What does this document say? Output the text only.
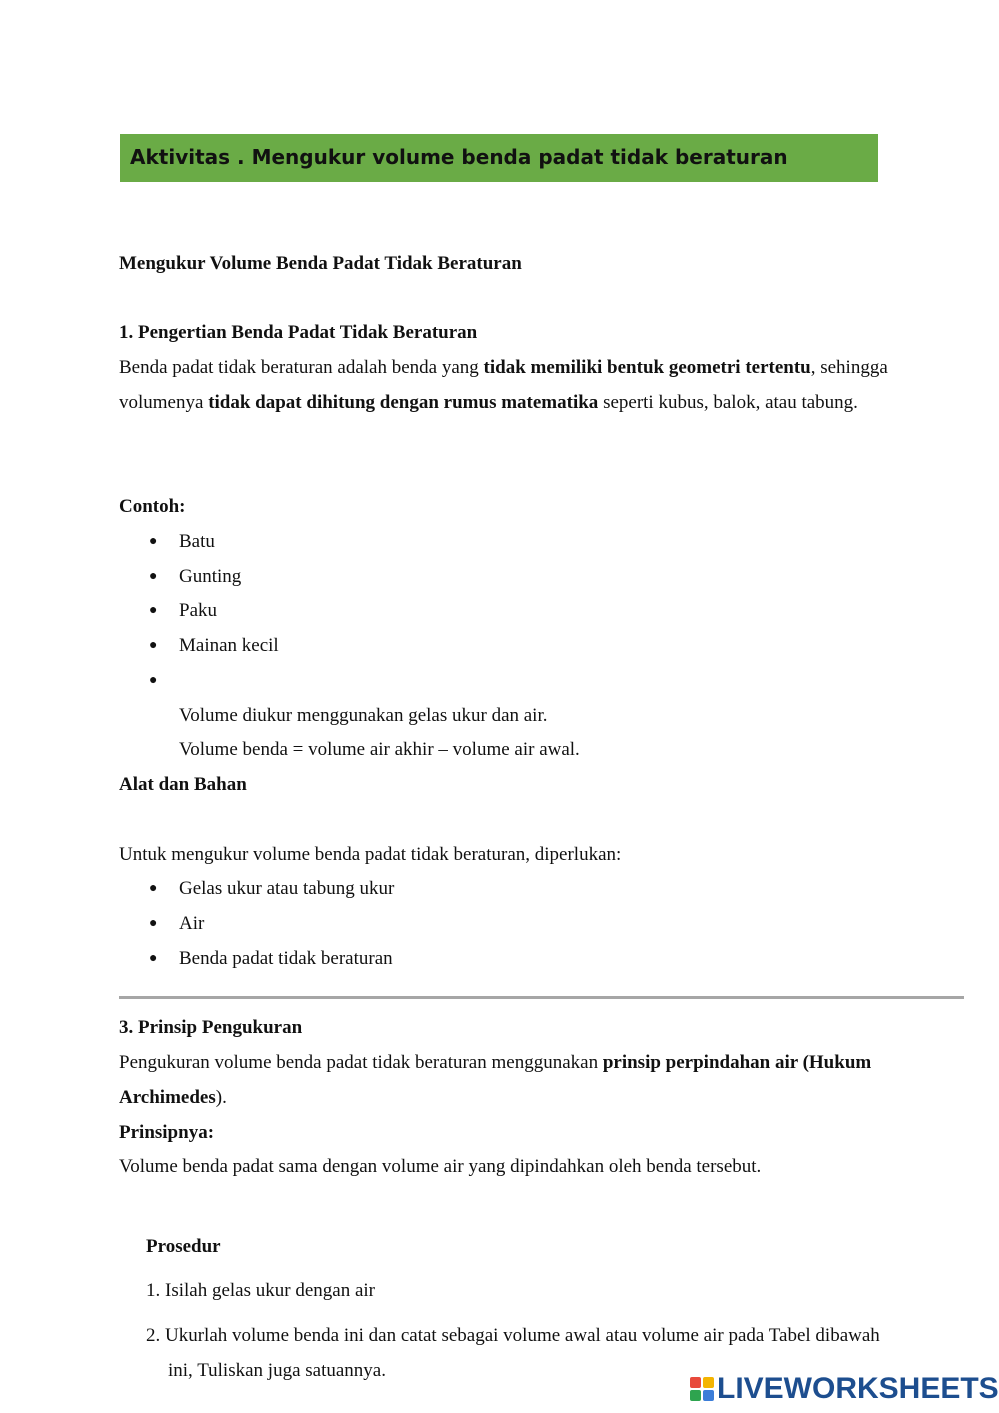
Aktivitas . Mengukur volume benda padat tidak beraturan
Mengukur Volume Benda Padat Tidak Beraturan
1. Pengertian Benda Padat Tidak Beraturan
Benda padat tidak beraturan adalah benda yang tidak memiliki bentuk geometri tertentu, sehingga
volumenya tidak dapat dihitung dengan rumus matematika seperti kubus, balok, atau tabung.
Contoh:
● Batu
● Gunting
● Paku
● Mainan kecil
●
Volume diukur menggunakan gelas ukur dan air.
Volume benda = volume air akhir – volume air awal.
Alat dan Bahan
Untuk mengukur volume benda padat tidak beraturan, diperlukan:
● Gelas ukur atau tabung ukur
● Air
● Benda padat tidak beraturan
3. Prinsip Pengukuran
Pengukuran volume benda padat tidak beraturan menggunakan prinsip perpindahan air (Hukum
Archimedes).
Prinsipnya:
Volume benda padat sama dengan volume air yang dipindahkan oleh benda tersebut.
Prosedur
1. Isilah gelas ukur dengan air
2. Ukurlah volume benda ini dan catat sebagai volume awal atau volume air pada Tabel dibawah
ini, Tuliskan juga satuannya.
LIVEWORKSHEETS
